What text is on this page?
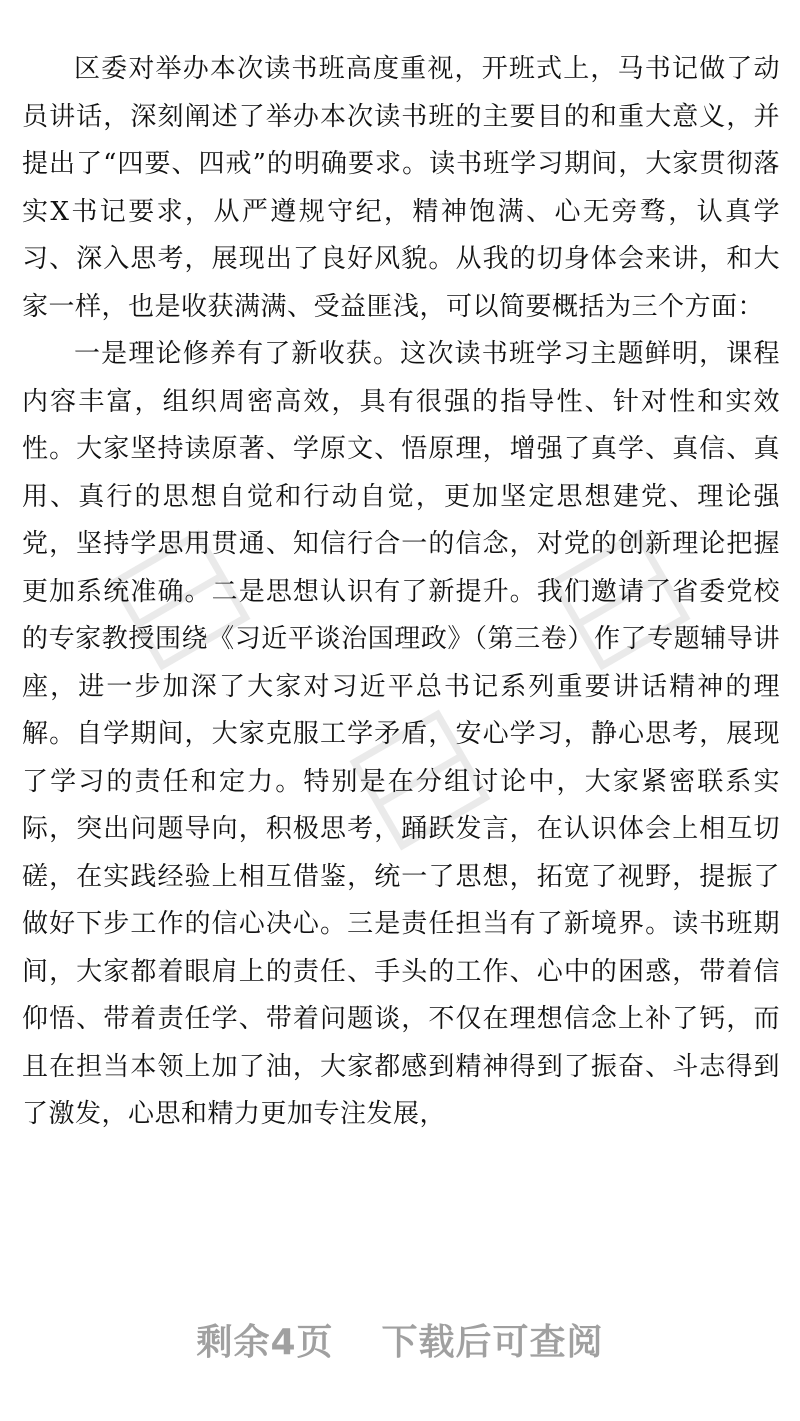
区委对举办本次读书班高度重视，开班式上，马书记做了动员讲话，深刻阐述了举办本次读书班的主要目的和重大意义，并提出了“四要、四戒”的明确要求。读书班学习期间，大家贯彻落实X书记要求，从严遵规守纪，精神饱满、心无旁骛，认真学习、深入思考，展现出了良好风貌。从我的切身体会来讲，和大家一样，也是收获满满、受益匪浅，可以简要概括为三个方面：

一是理论修养有了新收获。这次读书班学习主题鲜明，课程内容丰富，组织周密高效，具有很强的指导性、针对性和实效性。大家坚持读原著、学原文、悟原理，增强了真学、真信、真用、真行的思想自觉和行动自觉，更加坚定思想建党、理论强党，坚持学思用贯通、知信行合一的信念，对党的创新理论把握更加系统准确。二是思想认识有了新提升。我们邀请了省委党校的专家教授围绕《习近平谈治国理政》（第三卷）作了专题辅导讲座，进一步加深了大家对习近平总书记系列重要讲话精神的理解。自学期间，大家克服工学矛盾，安心学习，静心思考，展现了学习的责任和定力。特别是在分组讨论中，大家紧密联系实际，突出问题导向，积极思考，踊跃发言，在认识体会上相互切磋，在实践经验上相互借鉴，统一了思想，拓宽了视野，提振了做好下步工作的信心决心。三是责任担当有了新境界。读书班期间，大家都着眼肩上的责任、手头的工作、心中的困惑，带着信仰悟、带着责任学、带着问题谈，不仅在理想信念上补了钙，而且在担当本领上加了油，大家都感到精神得到了振奋、斗志得到了激发，心思和精力更加专注发展，

剩余4页 下载后可查阅
